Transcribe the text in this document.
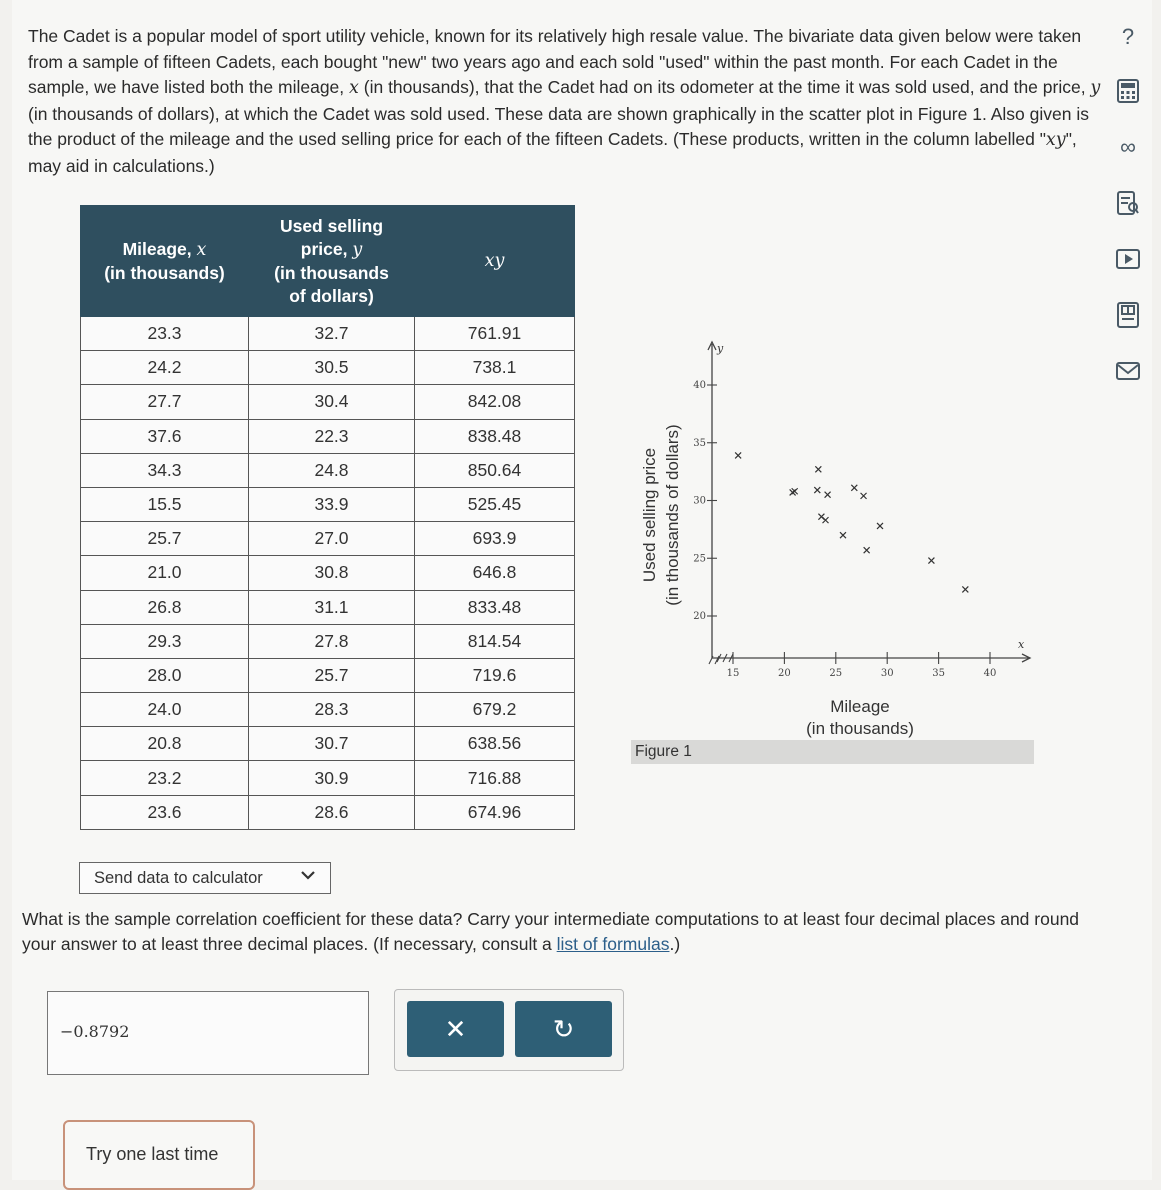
The Cadet is a popular model of sport utility vehicle, known for its relatively high resale value. The bivariate data given below were taken from a sample of fifteen Cadets, each bought "new" two years ago and each sold "used" within the past month. For each Cadet in the sample, we have listed both the mileage, x (in thousands), that the Cadet had on its odometer at the time it was sold used, and the price, y (in thousands of dollars), at which the Cadet was sold used. These data are shown graphically in the scatter plot in Figure 1. Also given is the product of the mileage and the used selling price for each of the fifteen Cadets. (These products, written in the column labelled "xy", may aid in calculations.)
?
∞
Mileage, x
(in thousands)	Used selling
price, y
(in thousands
of dollars)	xy
23.3	32.7	761.91
24.2	30.5	738.1
27.7	30.4	842.08
37.6	22.3	838.48
34.3	24.8	850.64
15.5	33.9	525.45
25.7	27.0	693.9
21.0	30.8	646.8
26.8	31.1	833.48
29.3	27.8	814.54
28.0	25.7	719.6
24.0	28.3	679.2
20.8	30.7	638.56
23.2	30.9	716.88
23.6	28.6	674.96
Send data to calculator
20
25
30
35
40
15	20	25	30	35	40
y
x
Mileage
(in thousands)
Used selling price (in thousands of dollars)
Figure 1
What is the sample correlation coefficient for these data? Carry your intermediate computations to at least four decimal places and round your answer to at least three decimal places. (If necessary, consult a list of formulas.)
−0.8792	✕	↻
Try one last time
